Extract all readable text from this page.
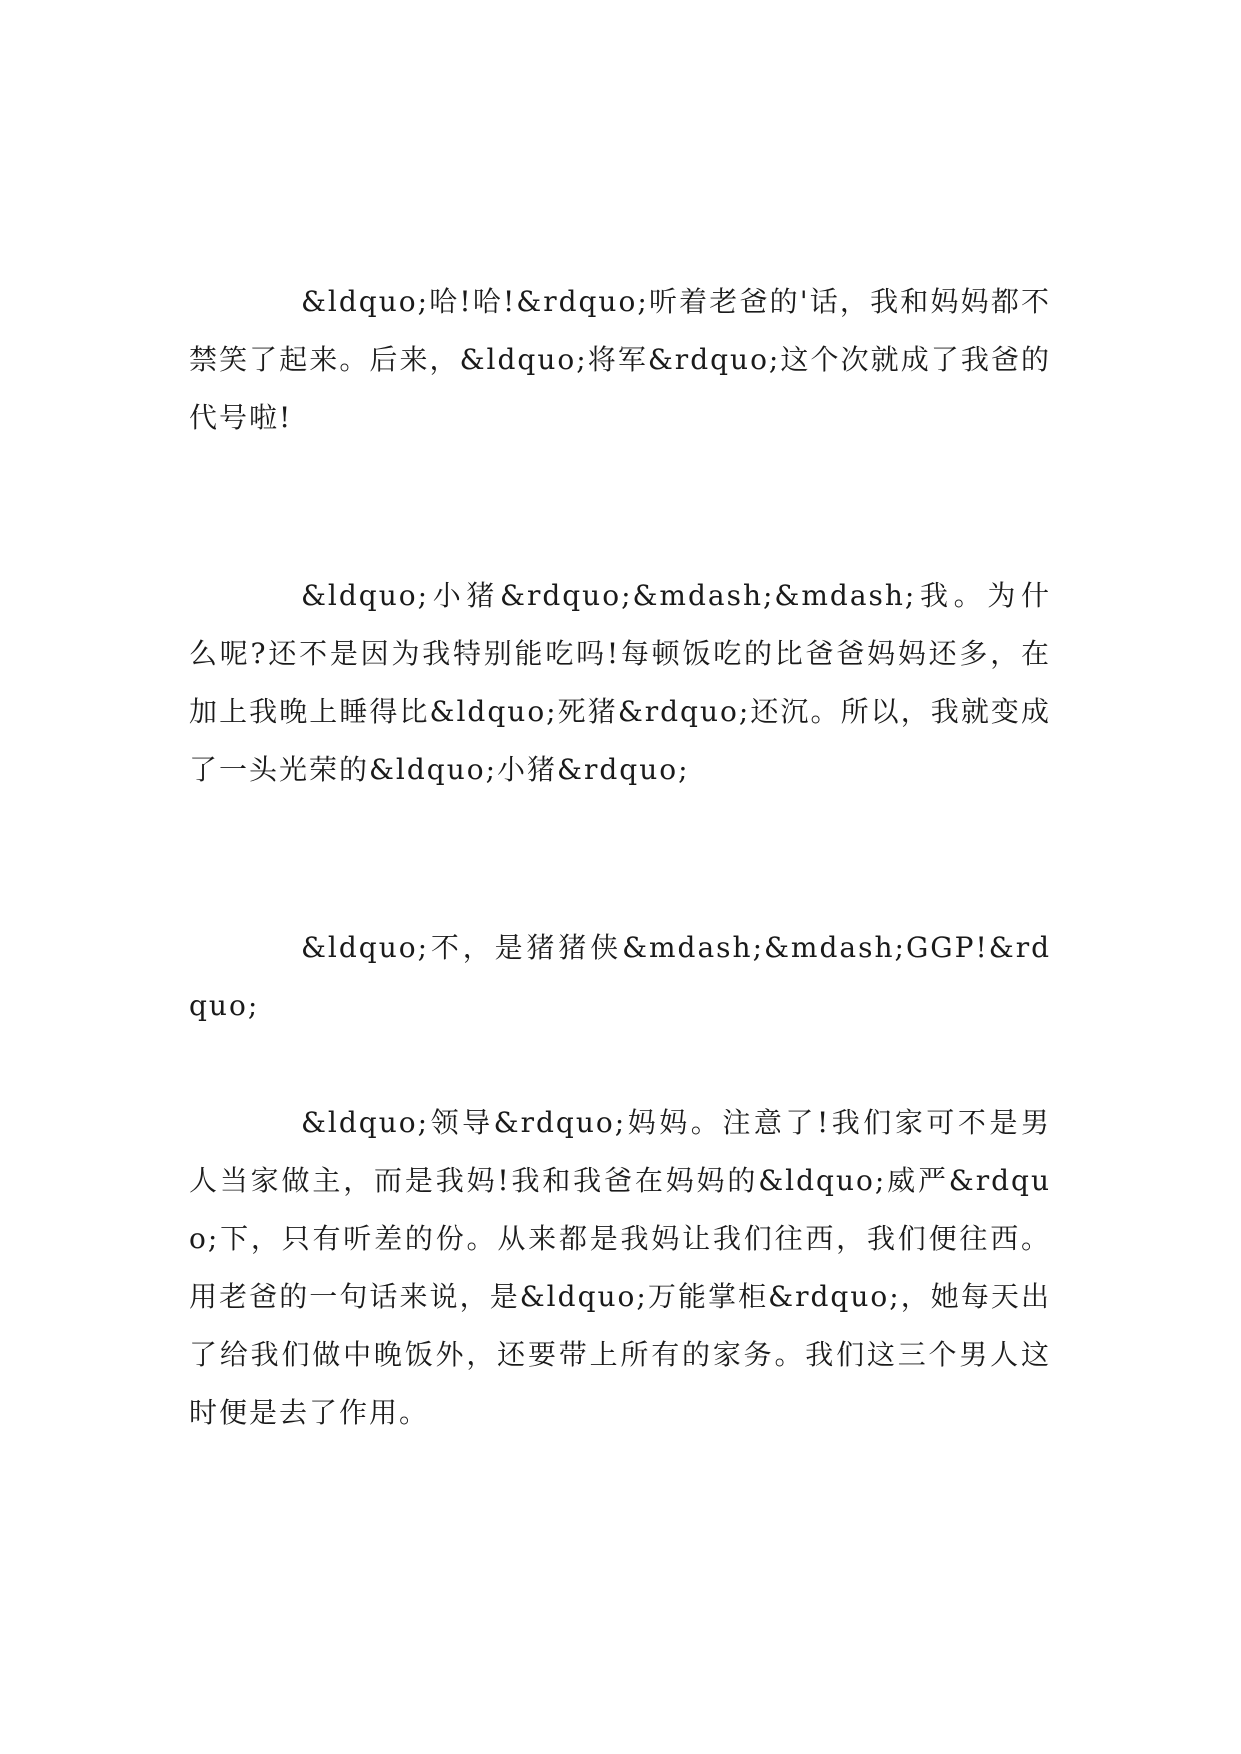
&ldquo;哈!哈!&rdquo;听着老爸的'话，我和妈妈都不禁笑了起来。后来，&ldquo;将军&rdquo;这个次就成了我爸的代号啦!

&ldquo;小猪&rdquo;&mdash;&mdash;我。为什么呢?还不是因为我特别能吃吗!每顿饭吃的比爸爸妈妈还多，在加上我晚上睡得比&ldquo;死猪&rdquo;还沉。所以，我就变成了一头光荣的&ldquo;小猪&rdquo;

&ldquo;不，是猪猪侠&mdash;&mdash;GGP!&rdquo;

&ldquo;领导&rdquo;妈妈。注意了!我们家可不是男人当家做主，而是我妈!我和我爸在妈妈的&ldquo;威严&rdquo;下，只有听差的份。从来都是我妈让我们往西，我们便往西。用老爸的一句话来说，是&ldquo;万能掌柜&rdquo;，她每天出了给我们做中晚饭外，还要带上所有的家务。我们这三个男人这时便是去了作用。
